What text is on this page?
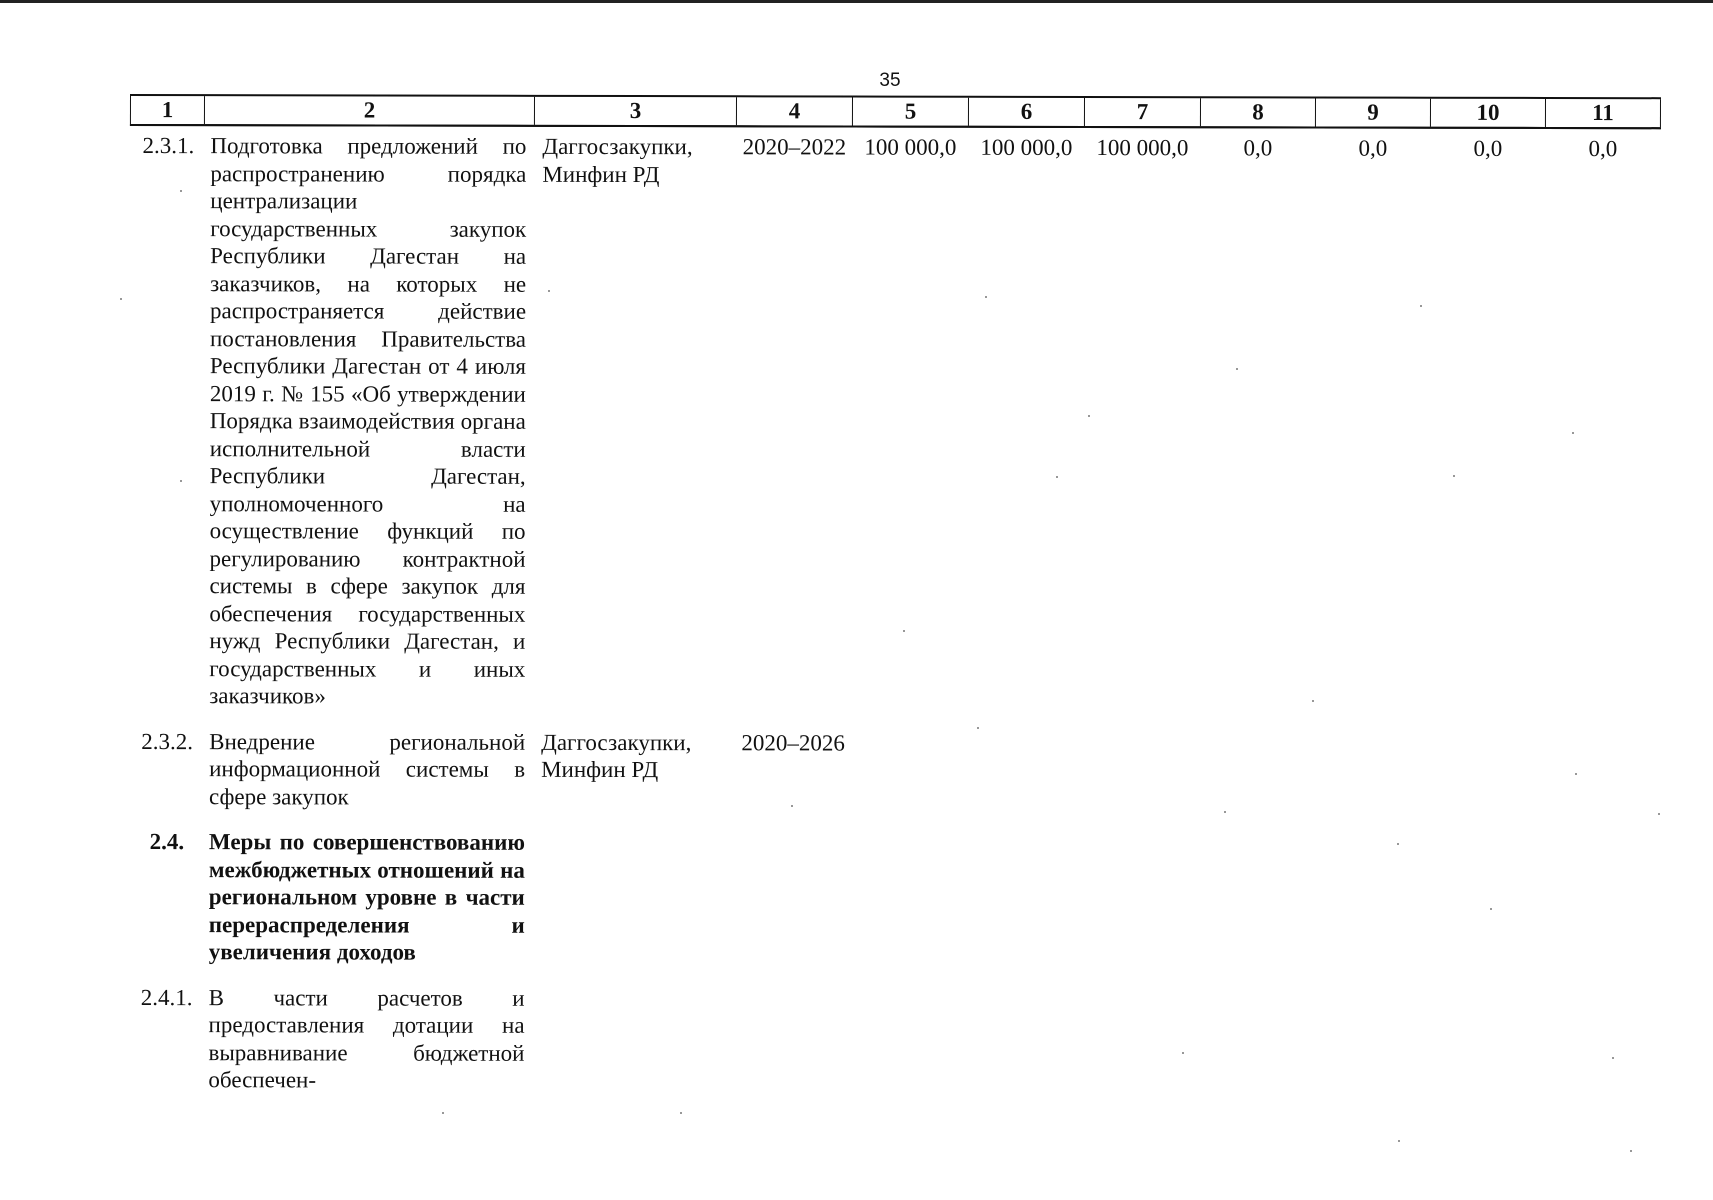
35
1	2	3	4	5	6	7	8	9	10	11
2.3.1.	Подготовка предложений по распространению порядка централизации государственных закупок Республики Дагестан на заказчиков, на которых не распространяется действие постановления Правительства Республики Дагестан от 4 июля 2019 г. № 155 «Об утверждении Порядка взаимодействия органа исполнительной власти Республики Дагестан, уполномоченного на осуществление функций по регулированию контрактной системы в сфере закупок для обеспечения государственных нужд Республики Дагестан, и государственных и иных заказчиков»	Даггосзакупки, Минфин РД	2020–2022	100 000,0	100 000,0	100 000,0	0,0	0,0	0,0	0,0
2.3.2.	Внедрение региональной информационной системы в сфере закупок	Даггосзакупки, Минфин РД	2020–2026							
2.4.	Меры по совершенствованию межбюджетных отношений на региональном уровне в части перераспределения и увеличения доходов									
2.4.1.	В части расчетов и предоставления дотации на выравнивание бюджетной обеспечен-									
